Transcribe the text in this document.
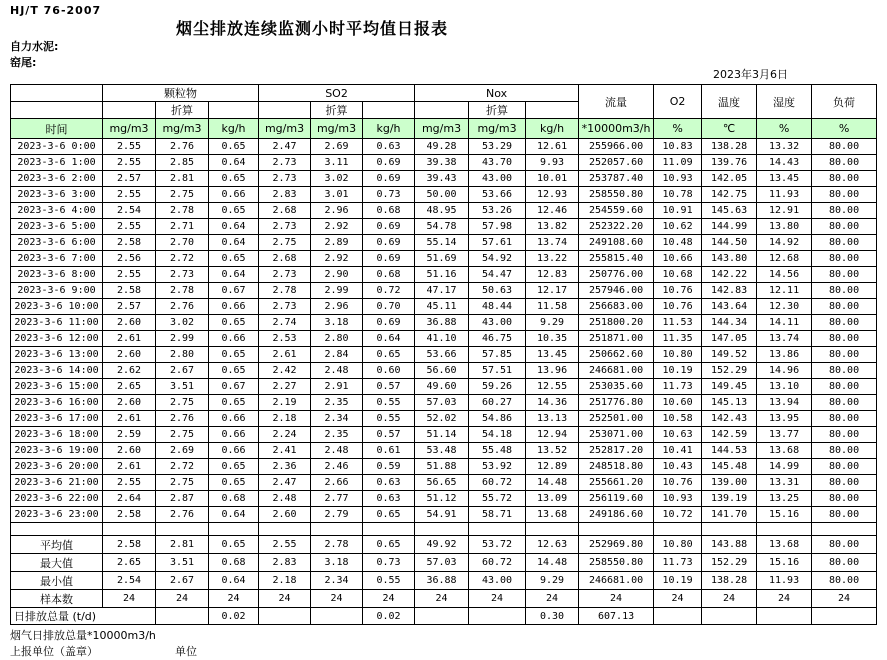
HJ/T 76-2007
烟尘排放连续监测小时平均值日报表
自力水泥:
窑尾:
2023年3月6日
	颗粒物			SO2			Nox			流量	O2	温度	湿度	负荷
		折算			折算			折算						
时间	mg/m3	mg/m3	kg/h	mg/m3	mg/m3	kg/h	mg/m3	mg/m3	kg/h	*10000m3/h	%	℃	%	%
2023-3-6 0:00	2.55	2.76	0.65	2.47	2.69	0.63	49.28	53.29	12.61	255966.00	10.83	138.28	13.32	80.00
2023-3-6 1:00	2.55	2.85	0.64	2.73	3.11	0.69	39.38	43.70	9.93	252057.60	11.09	139.76	14.43	80.00
2023-3-6 2:00	2.57	2.81	0.65	2.73	3.02	0.69	39.43	43.00	10.01	253787.40	10.93	142.05	13.45	80.00
2023-3-6 3:00	2.55	2.75	0.66	2.83	3.01	0.73	50.00	53.66	12.93	258550.80	10.78	142.75	11.93	80.00
2023-3-6 4:00	2.54	2.78	0.65	2.68	2.96	0.68	48.95	53.26	12.46	254559.60	10.91	145.63	12.91	80.00
2023-3-6 5:00	2.55	2.71	0.64	2.73	2.92	0.69	54.78	57.98	13.82	252322.20	10.62	144.99	13.80	80.00
2023-3-6 6:00	2.58	2.70	0.64	2.75	2.89	0.69	55.14	57.61	13.74	249108.60	10.48	144.50	14.92	80.00
2023-3-6 7:00	2.56	2.72	0.65	2.68	2.92	0.69	51.69	54.92	13.22	255815.40	10.66	143.80	12.68	80.00
2023-3-6 8:00	2.55	2.73	0.64	2.73	2.90	0.68	51.16	54.47	12.83	250776.00	10.68	142.22	14.56	80.00
2023-3-6 9:00	2.58	2.78	0.67	2.78	2.99	0.72	47.17	50.63	12.17	257946.00	10.76	142.83	12.11	80.00
2023-3-6 10:00	2.57	2.76	0.66	2.73	2.96	0.70	45.11	48.44	11.58	256683.00	10.76	143.64	12.30	80.00
2023-3-6 11:00	2.60	3.02	0.65	2.74	3.18	0.69	36.88	43.00	9.29	251800.20	11.53	144.34	14.11	80.00
2023-3-6 12:00	2.61	2.99	0.66	2.53	2.80	0.64	41.10	46.75	10.35	251871.00	11.35	147.05	13.74	80.00
2023-3-6 13:00	2.60	2.80	0.65	2.61	2.84	0.65	53.66	57.85	13.45	250662.60	10.80	149.52	13.86	80.00
2023-3-6 14:00	2.62	2.67	0.65	2.42	2.48	0.60	56.60	57.51	13.96	246681.00	10.19	152.29	14.96	80.00
2023-3-6 15:00	2.65	3.51	0.67	2.27	2.91	0.57	49.60	59.26	12.55	253035.60	11.73	149.45	13.10	80.00
2023-3-6 16:00	2.60	2.75	0.65	2.19	2.35	0.55	57.03	60.27	14.36	251776.80	10.60	145.13	13.94	80.00
2023-3-6 17:00	2.61	2.76	0.66	2.18	2.34	0.55	52.02	54.86	13.13	252501.00	10.58	142.43	13.95	80.00
2023-3-6 18:00	2.59	2.75	0.66	2.24	2.35	0.57	51.14	54.18	12.94	253071.00	10.63	142.59	13.77	80.00
2023-3-6 19:00	2.60	2.69	0.66	2.41	2.48	0.61	53.48	55.48	13.52	252817.20	10.41	144.53	13.68	80.00
2023-3-6 20:00	2.61	2.72	0.65	2.36	2.46	0.59	51.88	53.92	12.89	248518.80	10.43	145.48	14.99	80.00
2023-3-6 21:00	2.55	2.75	0.65	2.47	2.66	0.63	56.65	60.72	14.48	255661.20	10.76	139.00	13.31	80.00
2023-3-6 22:00	2.64	2.87	0.68	2.48	2.77	0.63	51.12	55.72	13.09	256119.60	10.93	139.19	13.25	80.00
2023-3-6 23:00	2.58	2.76	0.64	2.60	2.79	0.65	54.91	58.71	13.68	249186.60	10.72	141.70	15.16	80.00

平均值	2.58	2.81	0.65	2.55	2.78	0.65	49.92	53.72	12.63	252969.80	10.80	143.88	13.68	80.00
最大值	2.65	3.51	0.68	2.83	3.18	0.73	57.03	60.72	14.48	258550.80	11.73	152.29	15.16	80.00
最小值	2.54	2.67	0.64	2.18	2.34	0.55	36.88	43.00	9.29	246681.00	10.19	138.28	11.93	80.00
样本数	24	24	24	24	24	24	24	24	24	24	24	24	24	24
日排放总量 (t/d)			0.02			0.02			0.30	607.13				
烟气日排放总量*10000m3/h
上报单位（盖章）	单位
